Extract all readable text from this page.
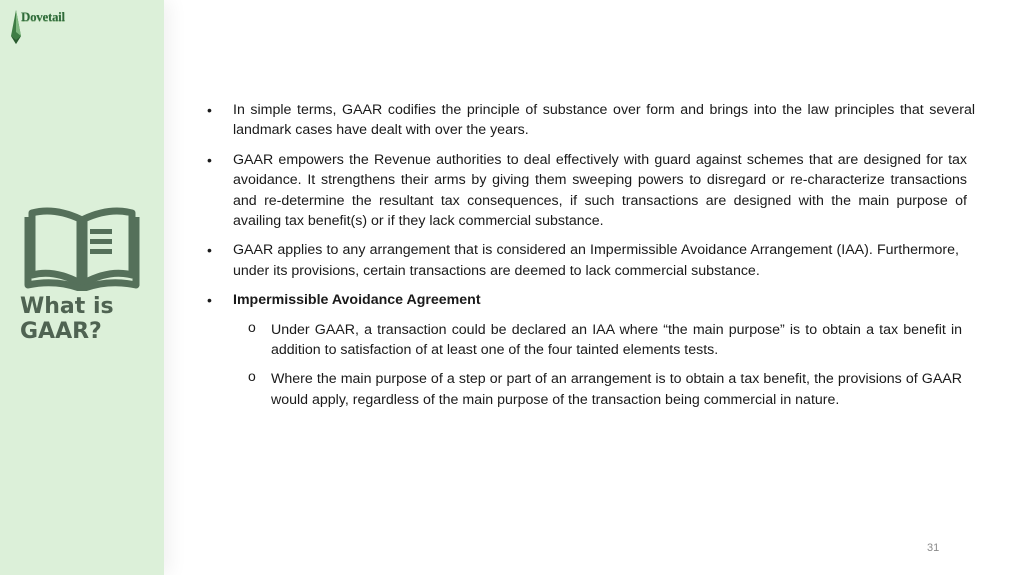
Dovetail
What is GAAR?
• In simple terms, GAAR codifies the principle of substance over form and brings into the law principles that several landmark cases have dealt with over the years.
• GAAR empowers the Revenue authorities to deal effectively with guard against schemes that are designed for tax avoidance. It strengthens their arms by giving them sweeping powers to disregard or re-characterize transactions and re-determine the resultant tax consequences, if such transactions are designed with the main purpose of availing tax benefit(s) or if they lack commercial substance.
• GAAR applies to any arrangement that is considered an Impermissible Avoidance Arrangement (IAA). Furthermore, under its provisions, certain transactions are deemed to lack commercial substance.
• Impermissible Avoidance Agreement
o Under GAAR, a transaction could be declared an IAA where “the main purpose” is to obtain a tax benefit in addition to satisfaction of at least one of the four tainted elements tests.
o Where the main purpose of a step or part of an arrangement is to obtain a tax benefit, the provisions of GAAR would apply, regardless of the main purpose of the transaction being commercial in nature.
31
